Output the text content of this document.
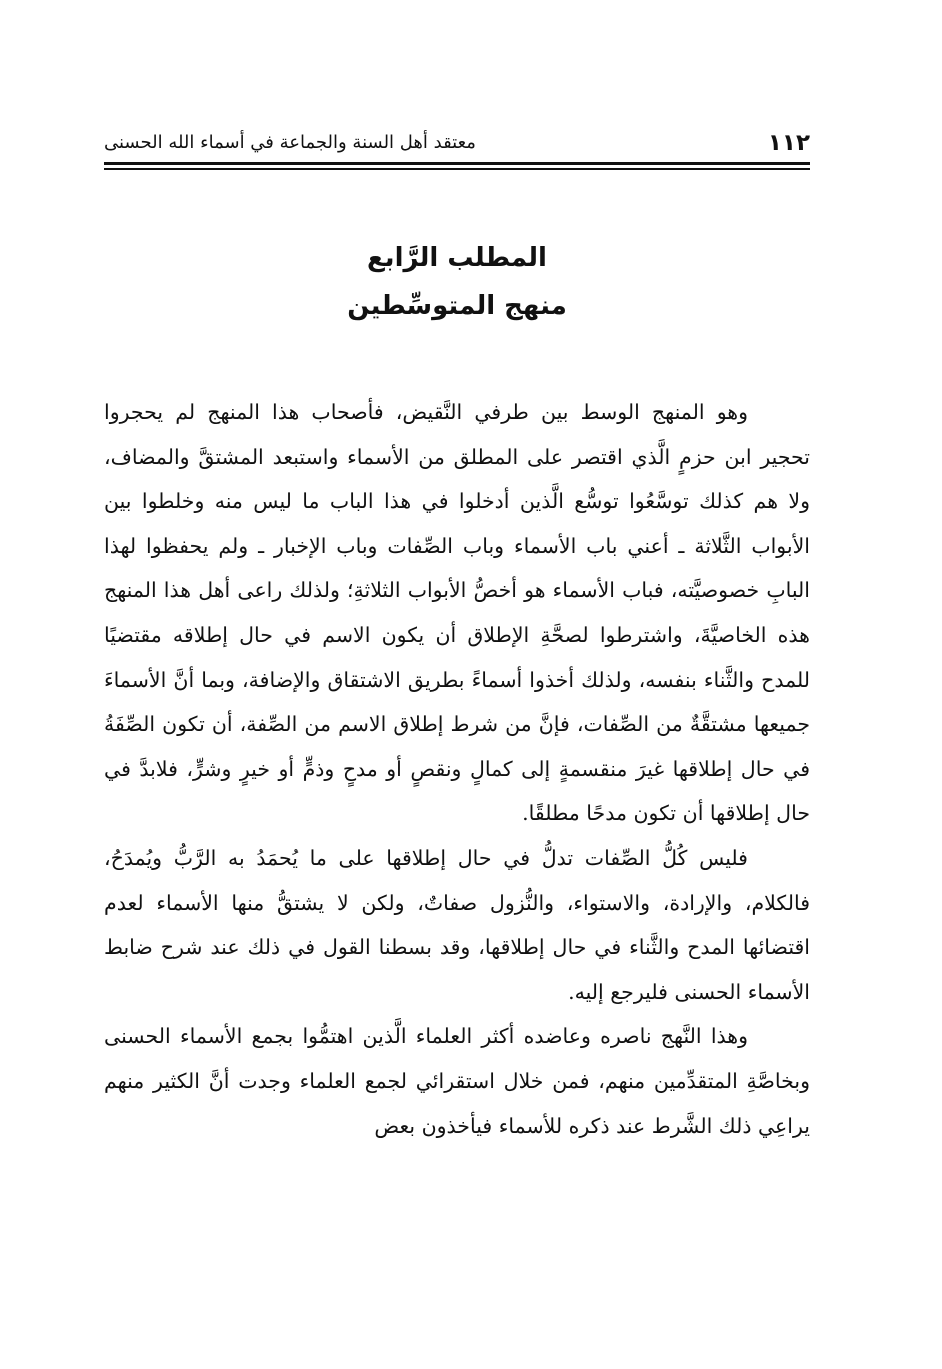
١١٢
معتقد أهل السنة والجماعة في أسماء الله الحسنى
المطلب الرَّابع
منهج المتوسِّطين

وهو المنهج الوسط بين طرفي النَّقيض، فأصحاب هذا المنهج لم يحجروا تحجير ابن حزمٍ الَّذي اقتصر على المطلق من الأسماء واستبعد المشتقَّ والمضاف، ولا هم كذلك توسَّعُوا توسُّع الَّذين أدخلوا في هذا الباب ما ليس منه وخلطوا بين الأبواب الثَّلاثة ـ أعني باب الأسماء وباب الصِّفات وباب الإخبار ـ ولم يحفظوا لهذا البابِ خصوصيَّته، فباب الأسماء هو أخصُّ الأبواب الثلاثةِ؛ ولذلك راعى أهل هذا المنهج هذه الخاصيَّةَ، واشترطوا لصحَّةِ الإطلاق أن يكون الاسم في حال إطلاقه مقتضيًا للمدح والثَّناء بنفسه، ولذلك أخذوا أسماءً بطريق الاشتقاق والإضافة، وبما أنَّ الأسماءَ جميعها مشتقَّةٌ من الصِّفات، فإنَّ من شرط إطلاق الاسم من الصِّفة، أن تكون الصِّفَةُ في حال إطلاقها غيرَ منقسمةٍ إلى كمالٍ ونقصٍ أو مدحٍ وذمٍّ أو خيرٍ وشرٍّ، فلابدَّ في حال إطلاقها أن تكون مدحًا مطلقًا.

فليس كُلُّ الصِّفات تدلُّ في حال إطلاقها على ما يُحمَدُ به الرَّبُّ ويُمدَحُ، فالكلام، والإرادة، والاستواء، والنُّزول صفاتٌ، ولكن لا يشتقُّ منها الأسماء لعدم اقتضائها المدح والثَّناء في حال إطلاقها، وقد بسطنا القول في ذلك عند شرح ضابط الأسماء الحسنى فليرجع إليه.

وهذا النَّهج ناصره وعاضده أكثر العلماء الَّذين اهتمُّوا بجمع الأسماء الحسنى وبخاصَّةِ المتقدِّمين منهم، فمن خلال استقرائي لجمع العلماء وجدت أنَّ الكثير منهم يراعِي ذلك الشَّرط عند ذكره للأسماء فيأخذون بعض
